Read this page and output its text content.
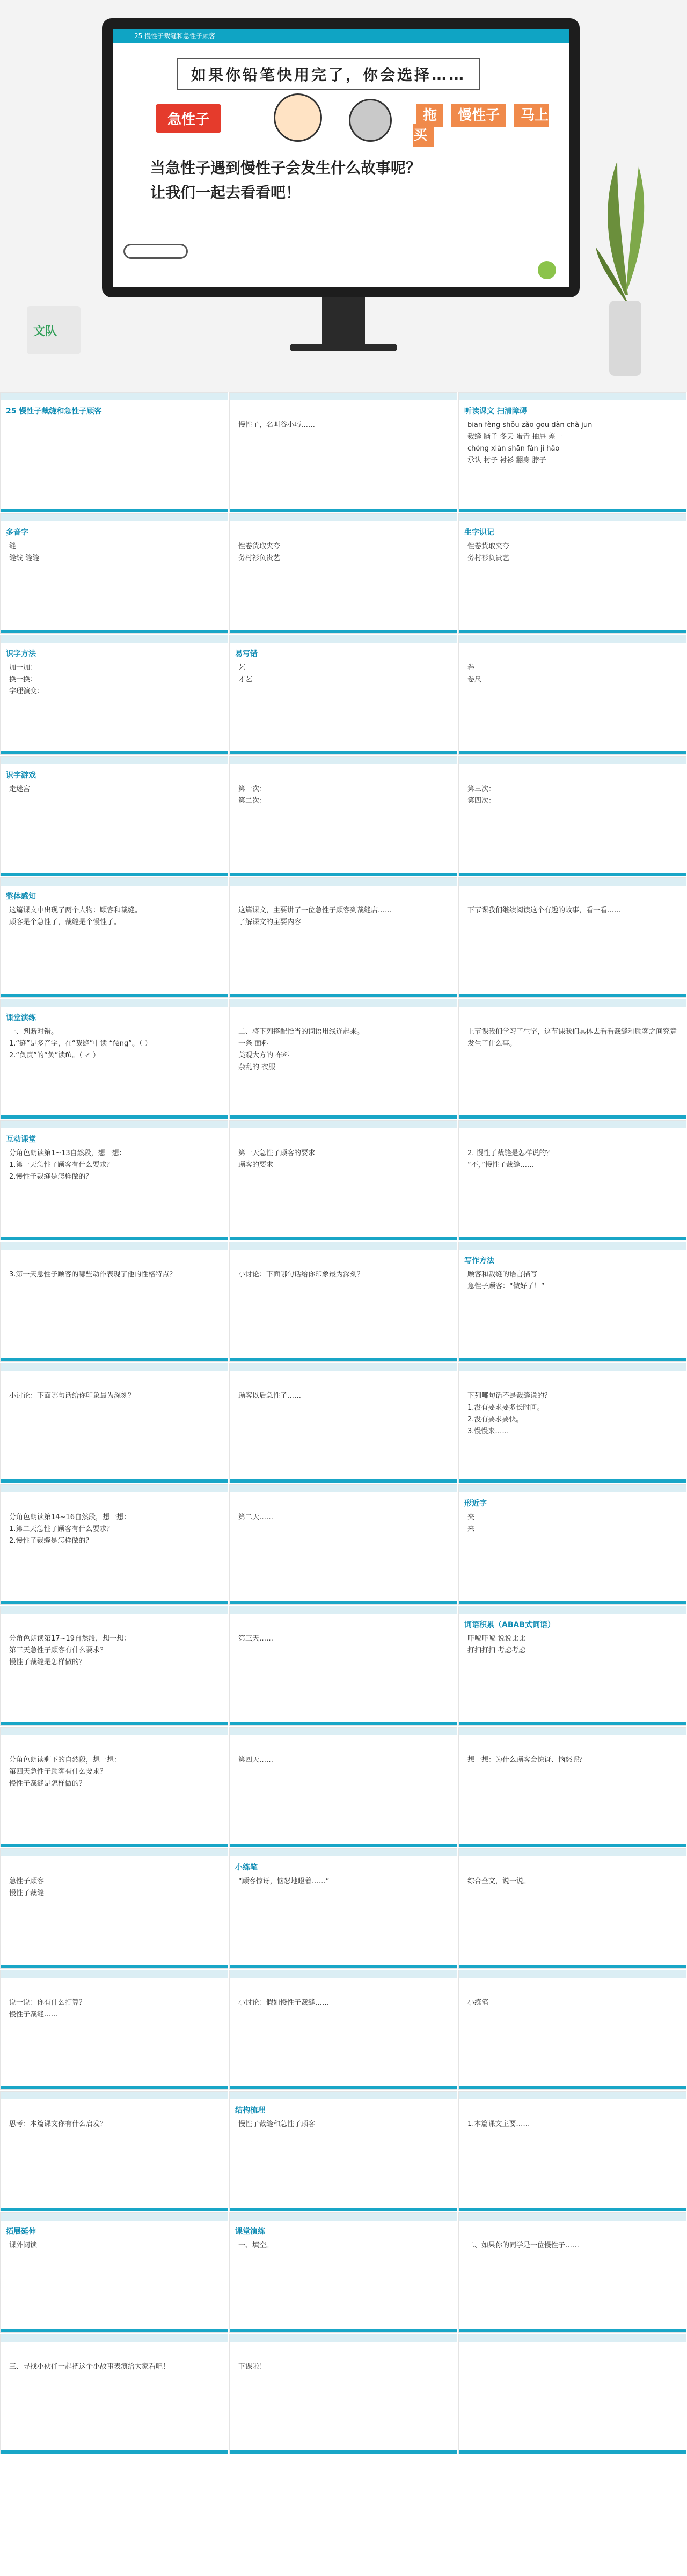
25 慢性子裁缝和急性子顾客
如果你铅笔快用完了，你会选择……
急性子	拖 慢性子 马上买
当急性子遇到慢性子会发生什么故事呢？
让我们一起去看看吧！
文队
25 慢性子裁缝和急性子顾客
慢性子，名叫谷小巧……
听读课文 扫清障碍
biān fèng shǒu zǎo gōu dàn chà jūn
裁缝 脑子 冬天 蛋青 抽屉 差一
chóng xiàn shān fǎn jí hǎo
承认 村子 衬衫 翻身 脖子
多音字
缝
缝线 缝缝
性卷货取夹夸
务村衫负贵艺
生字识记
性卷货取夹夸
务村衫负贵艺
识字方法
加一加：
换一换：
字理演变：
易写错
艺
才艺
卷
卷尺
识字游戏
走迷宫	第一次：
第二次：
第三次：
第四次：
整体感知
这篇课文中出现了两个人物：顾客和裁缝。
顾客是个急性子，裁缝是个慢性子。
这篇课文，主要讲了一位急性子顾客到裁缝店……
了解课文的主要内容
下节课我们继续阅读这个有趣的故事，看一看……
课堂演练
一、判断对错。
1.“缝”是多音字，在“裁缝”中读 “féng”。（ ）
2.“负责”的“负”读fù。（ ✓ ）
二、将下列搭配恰当的词语用线连起来。
一条 面料
美观大方的 布料
杂乱的 衣服
上节课我们学习了生字，这节课我们具体去看看裁缝和顾客之间究竟发生了什么事。
互动课堂
分角色朗读第1~13自然段，想一想：
1.第一天急性子顾客有什么要求？
2.慢性子裁缝是怎样做的？
第一天急性子顾客的要求
顾客的要求
2. 慢性子裁缝是怎样说的？
“不，”慢性子裁缝……
3.第一天急性子顾客的哪些动作表现了他的性格特点？	小讨论：下面哪句话给你印象最为深刻？
写作方法
顾客和裁缝的语言描写
急性子顾客：“做好了！”
小讨论：下面哪句话给你印象最为深刻？	顾客以后急性子……	下列哪句话不是裁缝说的？
1.没有要求要多长时间。
2.没有要求要快。
3.慢慢来……
分角色朗读第14~16自然段，想一想：
1.第二天急性子顾客有什么要求？
2.慢性子裁缝是怎样做的？
第二天……
形近字
夹
来
分角色朗读第17~19自然段，想一想：
第三天急性子顾客有什么要求？
慢性子裁缝是怎样做的？
第三天……
词语积累（ABAB式词语）
吓唬吓唬 说说比比
打扫打扫 考虑考虑
分角色朗读剩下的自然段，想一想：
第四天急性子顾客有什么要求？
慢性子裁缝是怎样做的？
第四天……	想一想：为什么顾客会惊讶、恼怒呢？
急性子顾客
慢性子裁缝
小练笔
“顾客惊讶，恼怒地瞪着……”	综合全文，说一说。
说一说：你有什么打算？
慢性子裁缝……
小讨论：假如慢性子裁缝……	小练笔
思考：本篇课文你有什么启发？
结构梳理
慢性子裁缝和急性子顾客	1.本篇课文主要……
拓展延伸
课外阅读
课堂演练
一、填空。	二、如果你的同学是一位慢性子……
三、寻找小伙伴一起把这个小故事表演给大家看吧！	下课啦！
